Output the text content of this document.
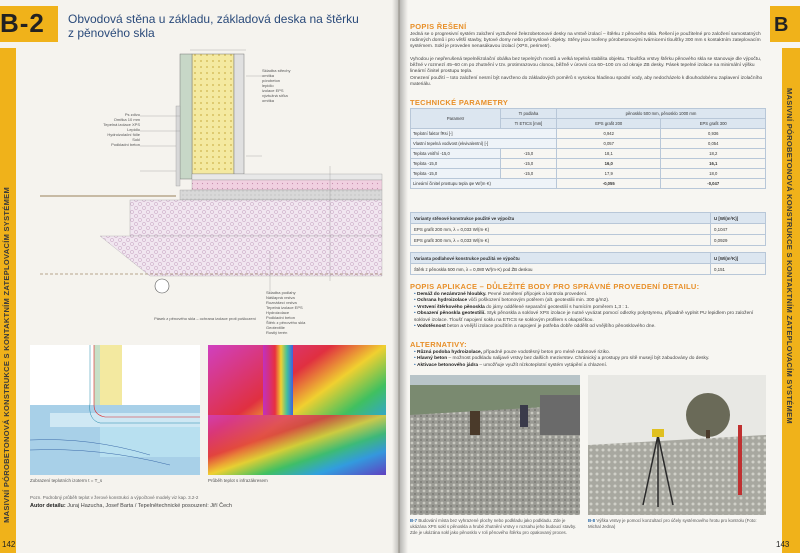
B-2 Obvodová stěna u základu, základová deska na štěrku
z pěnového skla
MASIVNÍ PÓROBETONOVÁ KONSTRUKCE S KONTAKTNÍM ZATEPLOVACÍM SYSTÉMEM
142
Skladba střechy
omítka
pórobeton
lepidlo
izolace EPS
výztužná síťka
omítka
Ps zdivo
Omítka 10 mm
Tepelná izolace XPS
Lepidlo
Hydroizolační fólie
Sokl
Podkladní beton
Skladba podlahy
Nášlapná vrstva
Roznášecí vrstva
Tepelná izolace EPS
Hydroizolace
Podkladní beton
Štěrk z pěnového skla
Geotextilie
Rostlý terén
Pásek z pěnového skla – ochrana izolace proti poškození
Zobrazení teplotních izoterm t = T_s	Průběh teplot s infrazákresem
Pozn. Podrobný průběh teplot v žerové konstrukci a výpočtové modely viz kap. 3.2-2
Autor detailu: Juraj Hazucha, Josef Barta / Tepelnětechnické posouzení: Jiří Čech
B
MASIVNÍ PÓROBETONOVÁ KONSTRUKCE S KONTAKTNÍM ZATEPLOVACÍM SYSTÉMEM
143
POPIS ŘEŠENÍ
Jedná se o progresivní systém založení vyztužené železobetonové desky na vrstvě izolací – štěrku z pěnového skla. Řešení je použitelné pro založení samostatných rodinných domů i pro větší stavby, bytové domy nebo průmyslové objekty. Stěny jsou tvořeny pórobetonovými tvárnicemi tloušťky 300 mm s kontaktním zateplovacím systémem. Sokl je proveden nenasákavou izolací (XPS, perimetr).
Vyhodou je nepřerušená tepelněizolační obálka bez tepelných mostů a velká tepelná stabilita objektu. Tloušťka vrstvy štěrku pěnového skla se stanovuje dle výpočtu, běžné v rozmezí 45–60 cm po zhutnění v tzv. protimrazovou clonou, běžně v úrovni cca 60–100 cm od okraje ZB desky. Pásek tepelné izolace na minimální výšku lineární činitel prostupu tepla.
Omezení použití – toto založení nesmí být navrženo do základových poměrů s vysokou hladinou spodní vody, aby nedocházelo k dlouhodobému zaplavení izolačního materiálu.
TECHNICKÉ PARAMETRY
Parametr	TI podlaha	pěnosklo 500 mm, pěnosklo 1000 mm	
	TI ETICS [mm]	EPS grafit 200	EPS grafit 300
Teplotní faktor fRsi [-]		0,942	0,936
Vlastní tepelná vodivost (ekvivalentní) [-]		0,057	0,054
Teplota vnitřní -15,0	-15,0	18,1	18,2
Teplota -15,0	-15,0	16,0	16,1
Teplota -15,0	-15,0	17,9	18,0
Lineární činitel prostupu tepla ψe W/(m·K)		-0,055	-0,047
Varianty stěnové konstrukce použité ve výpočtu	U [W/(m²K)]
EPS grafit 200 mm, λ = 0,033 W/(m·K)	0,1047
EPS grafit 300 mm, λ = 0,033 W/(m·K)	0,0929
Varianta podlahové konstrukce použitá ve výpočtu	U [W/(m²K)]
Štěrk z pěnoskla 500 mm, λ = 0,080 W/(m·K) pod ŽB deskou	0,151
POPIS APLIKACE – DŮLEŽITÉ BODY PRO SPRÁVNÉ PROVEDENÍ DETAILU:
• Demáž do nezámrzné hloubky. Pevné zamětení přípojek a kontrola provedení.
• Ochrana hydroizolace vůči poškození betonovým potěrem (alt. geotextilii min. 300 g/m2).
• Vrstvení štěrkového pěnoskla do jámy oddělené separační geotextilií s humícím poměrem 1,3 : 1.
• Obsazení pěnoskla geotextilií. Styk pěnoskla a soklové XPS izolace je nutné vyvázat pomocí odlezky polystyrenu, případně vyplnit PU lepidlem pro založení soklové izolace. Tloušť napojení soklu na ETICS se soklovým profilem s okapničkou.
• Vodotěsnost beton a vnější izolace použitím a napojení je potřeba dobře oddělit od vnějšího pěnosklového dne.
ALTERNATIVY:
• Různá podoba hydroizolace, případně pouze vodotěsný beton pro méně radonové riziko.
• Hlavný beton – možnost podkladu nalijavé vrstvy bez dalších mezivrstev. Chránický a prostupy pro sítě musejí být zabudovány do desky.
• Aktivace betonového jádra – umožňuje využít nízkoteplotní systém vytápění a chlazení.
B-7 Budování místa bez vyhrazené plochy nebo podkladu jako podkladu. Zde je ukázána XPS sokl s pěnoskla a hrubé zhutnění vrstvy v rozsahu jeho budoucí stavby. Zde je ukázána sokl jako pěnosklo v roli pěnového štěrku pro opakovaný proces.
B-8 Výška vrstvy je pomocí konzultací pro účely systémového hrotu pro kontrolu (Foto: Michal Jedna)
